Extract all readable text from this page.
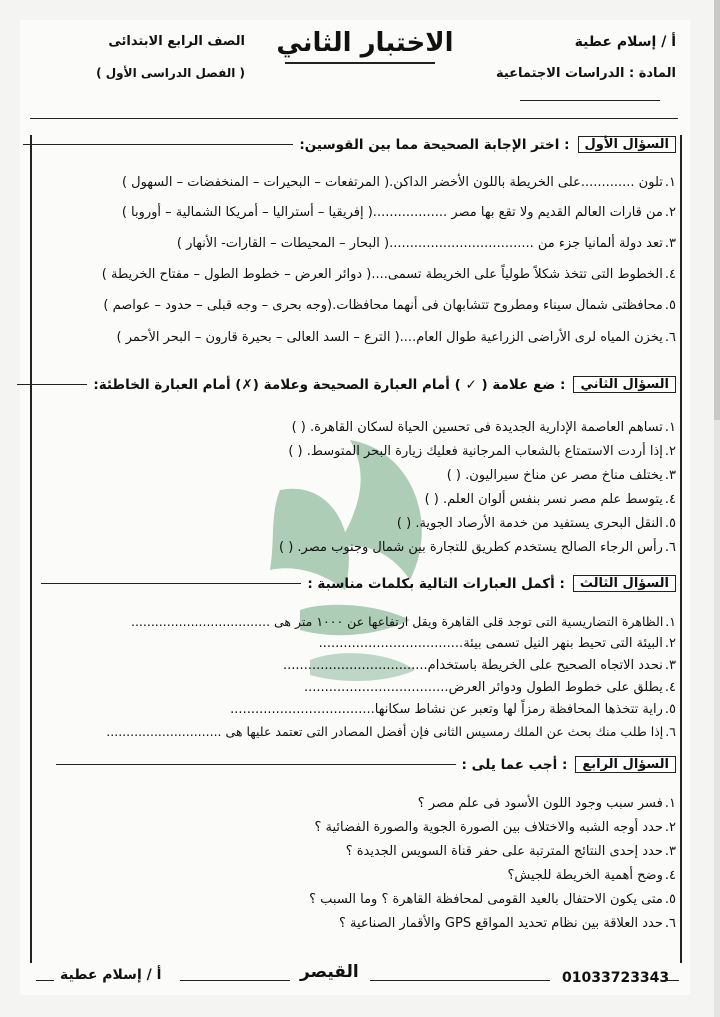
أ / إسلام عطية
المادة : الدراسات الاجتماعية
الاختبار الثاني
الصف الرابع الابتدائى
( الفصل الدراسى الأول )
السؤال الأول
: اختر الإجابة الصحيحة مما بين القوسين:
١.تلون .............على الخريطة باللون الأخضر الداكن.( المرتفعات – البحيرات – المنخفضات – السهول )
٢.من قارات العالم القديم ولا تقع بها مصر ..................( إفريقيا – أستراليا – أمريكا الشمالية – أوروبا )
٣.تعد دولة ألمانيا جزء من ...................................( البحار – المحيطات – القارات- الأنهار )
٤.الخطوط التى تتخذ شكلاً طولياً على الخريطة تسمى....( دوائر العرض – خطوط الطول – مفتاح الخريطة )
٥.محافظتى شمال سيناء ومطروح تتشابهان فى أنهما محافظات.(وجه بحرى – وجه قبلى – حدود – عواصم )
٦.يخزن المياه لرى الأراضى الزراعية طوال العام....( الترع – السد العالى – بحيرة قارون – البحر الأحمر )
السؤال الثاني
: ضع علامة ( ✓ ) أمام العبارة الصحيحة وعلامة (✗) أمام العبارة الخاطئة:
١.تساهم العاصمة الإدارية الجديدة فى تحسين الحياة لسكان القاهرة. ( )
٢.إذا أردت الاستمتاع بالشعاب المرجانية فعليك زيارة البحر المتوسط. ( )
٣.يختلف مناخ مصر عن مناخ سيراليون. ( )
٤.يتوسط علم مصر نسر بنفس ألوان العلم. ( )
٥.النقل البحرى يستفيد من خدمة الأرصاد الجوية. ( )
٦.رأس الرجاء الصالح يستخدم كطريق للتجارة بين شمال وجنوب مصر. ( )
السؤال الثالث
: أكمل العبارات التالية بكلمات مناسبة :
١.الظاهرة التضاريسية التى توجد قلى القاهرة ويقل ارتفاعها عن ١٠٠٠ متر هى ...................................
٢.البيئة التى تحيط بنهر النيل تسمى بيئة...................................
٣.نحدد الاتجاه الصحيح على الخريطة باستخدام...................................
٤.يطلق على خطوط الطول ودوائر العرض...................................
٥.راية تتخذها المحافظة رمزاً لها وتعبر عن نشاط سكانها...................................
٦.إذا طلب منك بحث عن الملك رمسيس الثانى فإن أفضل المصادر التى تعتمد عليها هى .............................
السؤال الرابع
: أجب عما يلى :
١.فسر سبب وجود اللون الأسود فى علم مصر ؟
٢.حدد أوجه الشبه والاختلاف بين الصورة الجوية والصورة الفضائية ؟
٣.حدد إحدى النتائج المترتبة على حفر قناة السويس الجديدة ؟
٤.وضح أهمية الخريطة للجيش؟
٥.متى يكون الاحتفال بالعيد القومى لمحافظة القاهرة ؟ وما السبب ؟
٦.حدد العلاقة بين نظام تحديد المواقع GPS والأقمار الصناعية ؟
أ / إسلام عطية	القيصر	01033723343
